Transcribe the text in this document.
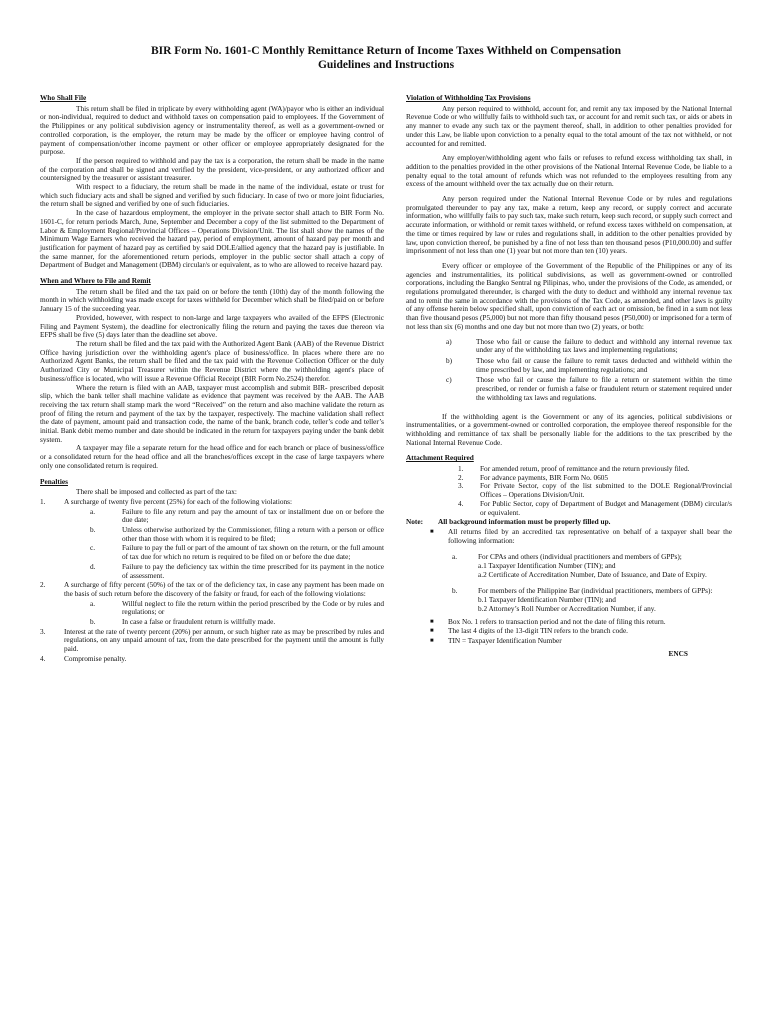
BIR Form No. 1601-C Monthly Remittance Return of Income Taxes Withheld on Compensation
Guidelines and Instructions
Who Shall File
This return shall be filed in triplicate by every withholding agent (WA)/payor who is either an individual or non-individual, required to deduct and withhold taxes on compensation paid to employees. If the Government of the Philippines or any political subdivision agency or instrumentality thereof, as well as a government-owned or controlled corporation, is the employer, the return may be made by the officer or employee having control of payment of compensation/other income payment or other officer or employee appropriately designated for the purpose.
If the person required to withhold and pay the tax is a corporation, the return shall be made in the name of the corporation and shall be signed and verified by the president, vice-president, or any authorized officer and countersigned by the treasurer or assistant treasurer.
With respect to a fiduciary, the return shall be made in the name of the individual, estate or trust for which such fiduciary acts and shall be signed and verified by such fiduciary. In case of two or more joint fiduciaries, the return shall be signed and verified by one of such fiduciaries.
In the case of hazardous employment, the employer in the private sector shall attach to BIR Form No. 1601-C, for return periods March, June, September and December a copy of the list submitted to the Department of Labor & Employment Regional/Provincial Offices – Operations Division/Unit. The list shall show the names of the Minimum Wage Earners who received the hazard pay, period of employment, amount of hazard pay per month and justification for payment of hazard pay as certified by said DOLE/allied agency that the hazard pay is justifiable. In the same manner, for the aforementioned return periods, employer in the public sector shall attach a copy of Department of Budget and Management (DBM) circular/s or equivalent, as to who are allowed to receive hazard pay.
When and Where to File and Remit
The return shall be filed and the tax paid on or before the tenth (10th) day of the month following the month in which withholding was made except for taxes withheld for December which shall be filed/paid on or before January 15 of the succeeding year.
Provided, however, with respect to non-large and large taxpayers who availed of the EFPS (Electronic Filing and Payment System), the deadline for electronically filing the return and paying the taxes due thereon via EFPS shall be five (5) days later than the deadline set above.
The return shall be filed and the tax paid with the Authorized Agent Bank (AAB) of the Revenue District Office having jurisdiction over the withholding agent's place of business/office. In places where there are no Authorized Agent Banks, the return shall be filed and the tax paid with the Revenue Collection Officer or the duly Authorized City or Municipal Treasurer within the Revenue District where the withholding agent's place of business/office is located, who will issue a Revenue Official Receipt (BIR Form No.2524) therefor.
Where the return is filed with an AAB, taxpayer must accomplish and submit BIR- prescribed deposit slip, which the bank teller shall machine validate as evidence that payment was received by the AAB. The AAB receiving the tax return shall stamp mark the word “Received” on the return and also machine validate the return as proof of filing the return and payment of the tax by the taxpayer, respectively. The machine validation shall reflect the date of payment, amount paid and transaction code, the name of the bank, branch code, teller’s code and teller’s initial. Bank debit memo number and date should be indicated in the return for taxpayers paying under the bank debit system.
A taxpayer may file a separate return for the head office and for each branch or place of business/office or a consolidated return for the head office and all the branches/offices except in the case of large taxpayers where only one consolidated return is required.
Penalties
There shall be imposed and collected as part of the tax:
1.	A surcharge of twenty five percent (25%) for each of the following violations:
a.	Failure to file any return and pay the amount of tax or installment due on or before the due date;
b.	Unless otherwise authorized by the Commissioner, filing a return with a person or office other than those with whom it is required to be filed;
c.	Failure to pay the full or part of the amount of tax shown on the return, or the full amount of tax due for which no return is required to be filed on or before the due date;
d.	Failure to pay the deficiency tax within the time prescribed for its payment in the notice of assessment.
2.	A surcharge of fifty percent (50%) of the tax or of the deficiency tax, in case any payment has been made on the basis of such return before the discovery of the falsity or fraud, for each of the following violations:
a.	Willful neglect to file the return within the period prescribed by the Code or by rules and regulations; or
b.	In case a false or fraudulent return is willfully made.
3.	Interest at the rate of twenty percent (20%) per annum, or such higher rate as may be prescribed by rules and regulations, on any unpaid amount of tax, from the date prescribed for the payment until the amount is fully paid.
4.	Compromise penalty.
Violation of Withholding Tax Provisions
Any person required to withhold, account for, and remit any tax imposed by the National Internal Revenue Code or who willfully fails to withhold such tax, or account for and remit such tax, or aids or abets in any manner to evade any such tax or the payment thereof, shall, in addition to other penalties provided for under this Law, be liable upon conviction to a penalty equal to the total amount of the tax not withheld, or not accounted for and remitted.
Any employer/withholding agent who fails or refuses to refund excess withholding tax shall, in addition to the penalties provided in the other provisions of the National Internal Revenue Code, be liable to a penalty equal to the total amount of refunds which was not refunded to the employees resulting from any excess of the amount withheld over the tax actually due on their return.
Any person required under the National Internal Revenue Code or by rules and regulations promulgated thereunder to pay any tax, make a return, keep any record, or supply correct and accurate information, who willfully fails to pay such tax, make such return, keep such record, or supply such correct and accurate information, or withhold or remit taxes withheld, or refund excess taxes withheld on compensation, at the time or times required by law or rules and regulations shall, in addition to the other penalties provided by law, upon conviction thereof, be punished by a fine of not less than ten thousand pesos (P10,000.00) and suffer imprisonment of not less than one (1) year but not more than ten (10) years.
Every officer or employee of the Government of the Republic of the Philippines or any of its agencies and instrumentalities, its political subdivisions, as well as government-owned or controlled corporations, including the Bangko Sentral ng Pilipinas, who, under the provisions of the Code, as amended, or regulations promulgated thereunder, is charged with the duty to deduct and withhold any internal revenue tax and to remit the same in accordance with the provisions of the Tax Code, as amended, and other laws is guilty of any offense herein below specified shall, upon conviction of each act or omission, be fined in a sum not less than five thousand pesos (P5,000) but not more than fifty thousand pesos (P50,000) or imprisoned for a term of not less than six (6) months and one day but not more than two (2) years, or both:
a)	Those who fail or cause the failure to deduct and withhold any internal revenue tax under any of the withholding tax laws and implementing regulations;
b)	Those who fail or cause the failure to remit taxes deducted and withheld within the time prescribed by law, and implementing regulations; and
c)	Those who fail or cause the failure to file a return or statement within the time prescribed, or render or furnish a false or fraudulent return or statement required under the withholding tax laws and regulations.
If the withholding agent is the Government or any of its agencies, political subdivisions or instrumentalities, or a government-owned or controlled corporation, the employee thereof responsible for the withholding and remittance of tax shall be personally liable for the additions to the tax prescribed by the National Internal Revenue Code.
Attachment Required
1.	For amended return, proof of remittance and the return previously filed.
2.	For advance payments, BIR Form No. 0605
3.	For Private Sector, copy of the list submitted to the DOLE Regional/Provincial Offices – Operations Division/Unit.
4.	For Public Sector, copy of Department of Budget and Management (DBM) circular/s or equivalent.
Note:	All background information must be properly filled up.
■	All returns filed by an accredited tax representative on behalf of a taxpayer shall bear the following information:
a.	For CPAs and others (individual practitioners and members of GPPs);
a.1 Taxpayer Identification Number (TIN); and
a.2 Certificate of Accreditation Number, Date of Issuance, and Date of Expiry.
b.	For members of the Philippine Bar (individual practitioners, members of GPPs):
b.1 Taxpayer Identification Number (TIN); and
b.2 Attorney’s Roll Number or Accreditation Number, if any.
■	Box No. 1 refers to transaction period and not the date of filing this return.
■	The last 4 digits of the 13-digit TIN refers to the branch code.
■	TIN = Taxpayer Identification Number
ENCS
